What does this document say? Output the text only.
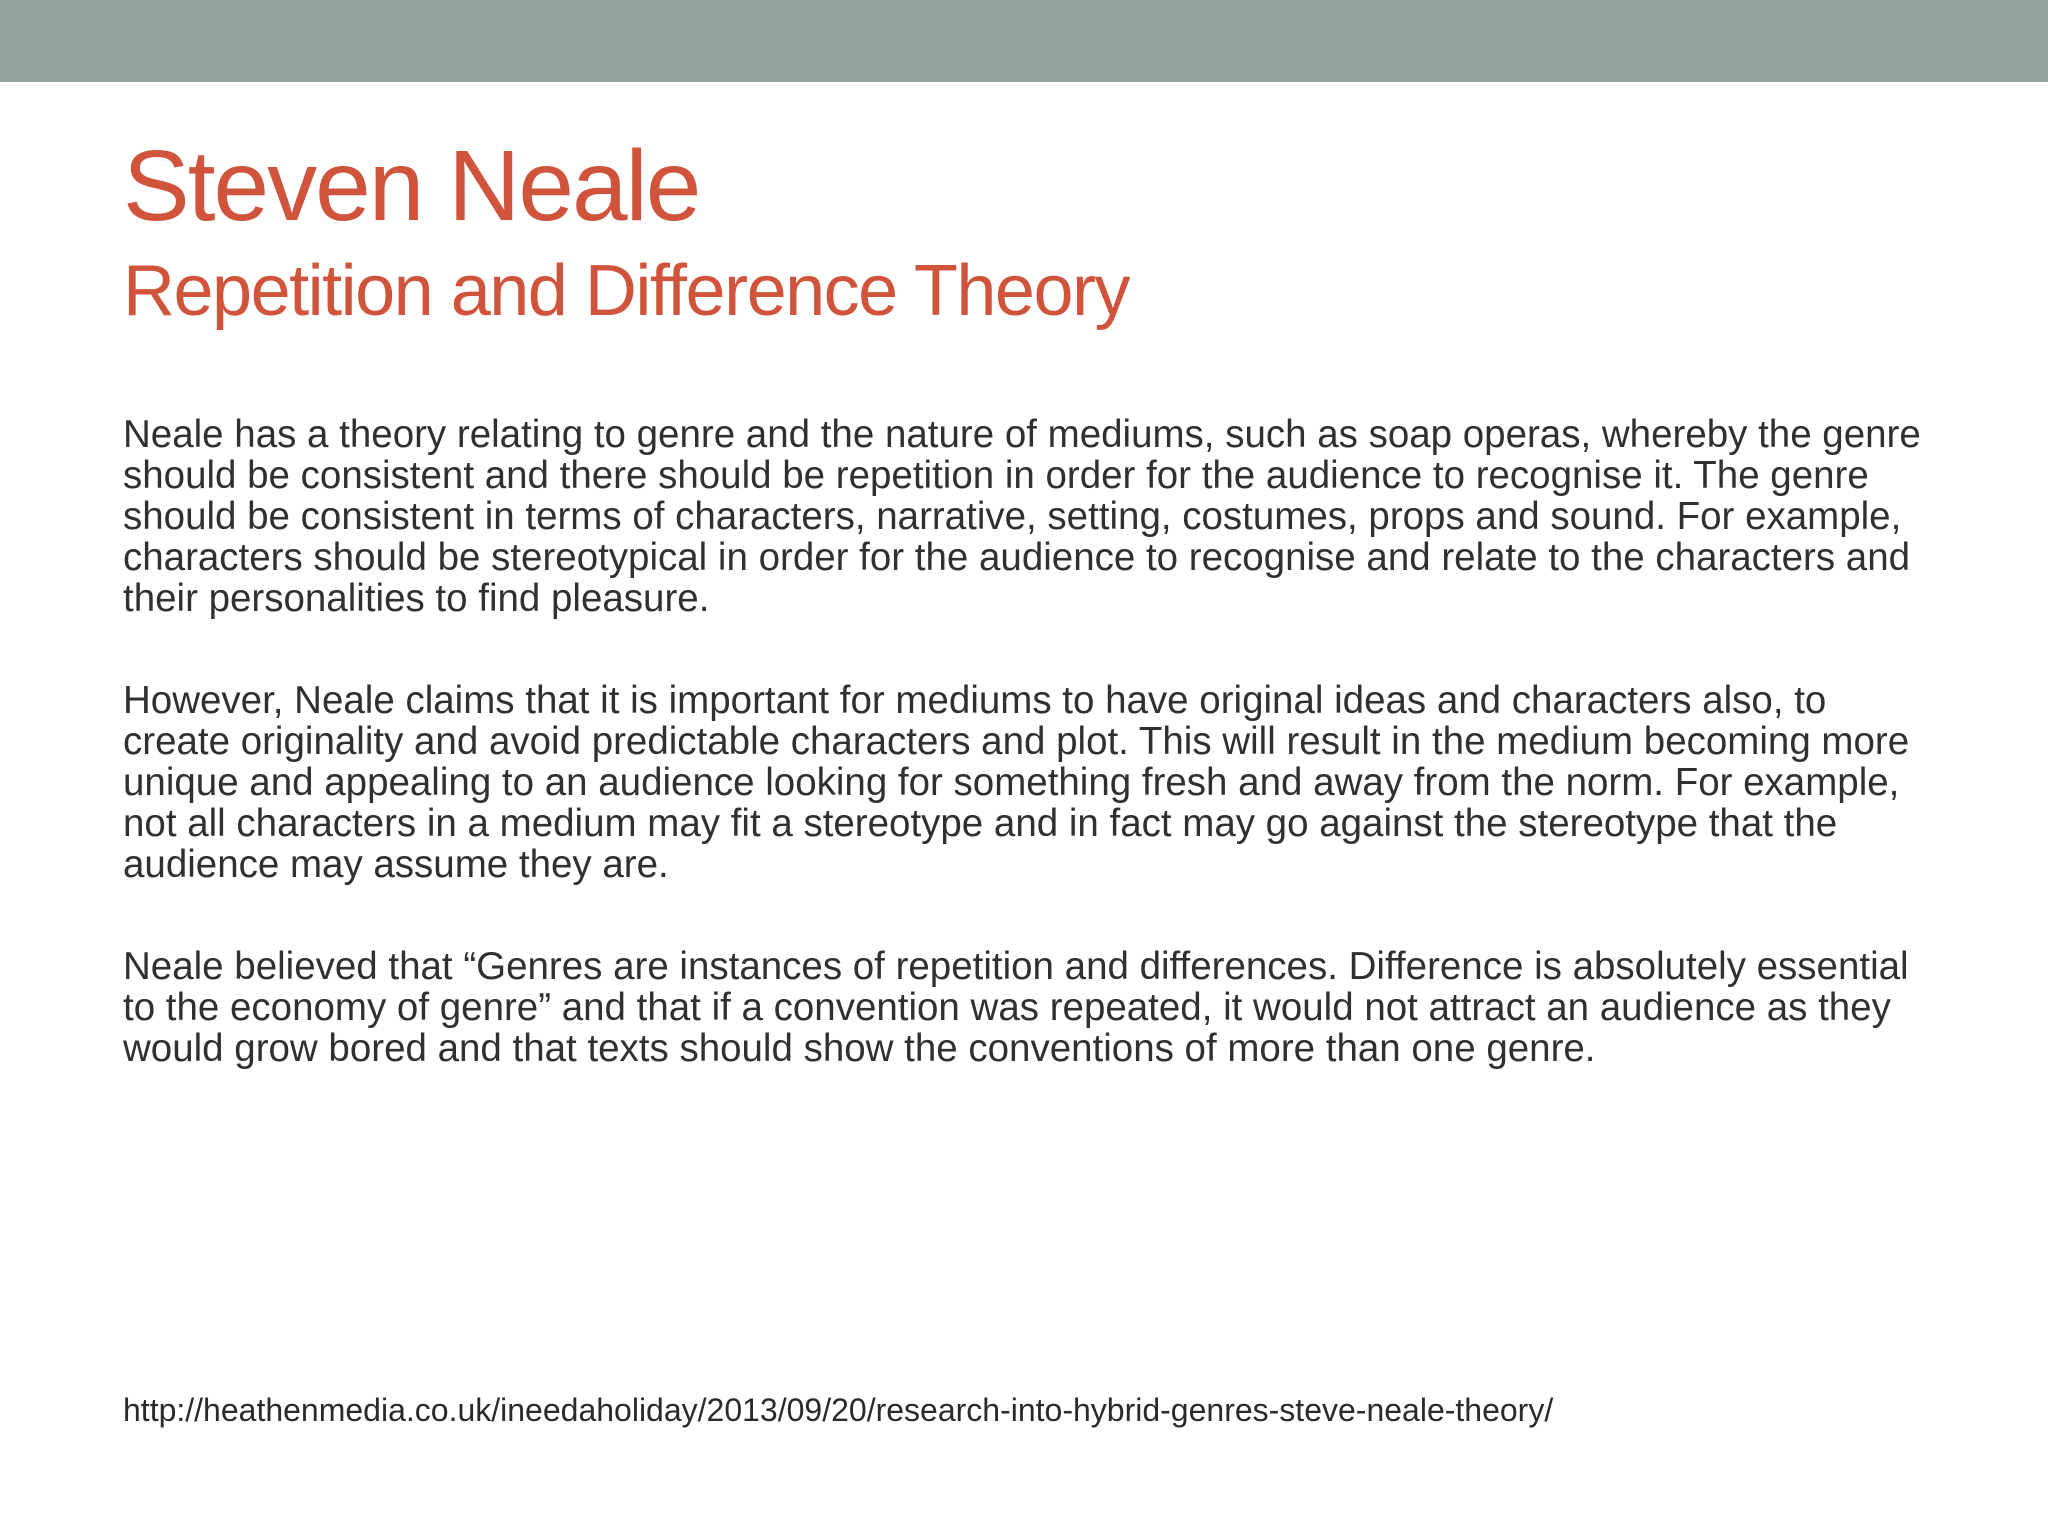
Steven Neale
Repetition and Difference Theory

Neale has a theory relating to genre and the nature of mediums, such as soap operas, whereby the genre should be consistent and there should be repetition in order for the audience to recognise it. The genre should be consistent in terms of characters, narrative, setting, costumes, props and sound. For example, characters should be stereotypical in order for the audience to recognise and relate to the characters and their personalities to find pleasure.

However, Neale claims that it is important for mediums to have original ideas and characters also, to create originality and avoid predictable characters and plot. This will result in the medium becoming more unique and appealing to an audience looking for something fresh and away from the norm. For example, not all characters in a medium may fit a stereotype and in fact may go against the stereotype that the audience may assume they are.

Neale believed that “Genres are instances of repetition and differences. Difference is absolutely essential to the economy of genre” and that if a convention was repeated, it would not attract an audience as they would grow bored and that texts should show the conventions of more than one genre.

http://heathenmedia.co.uk/ineedaholiday/2013/09/20/research-into-hybrid-genres-steve-neale-theory/
